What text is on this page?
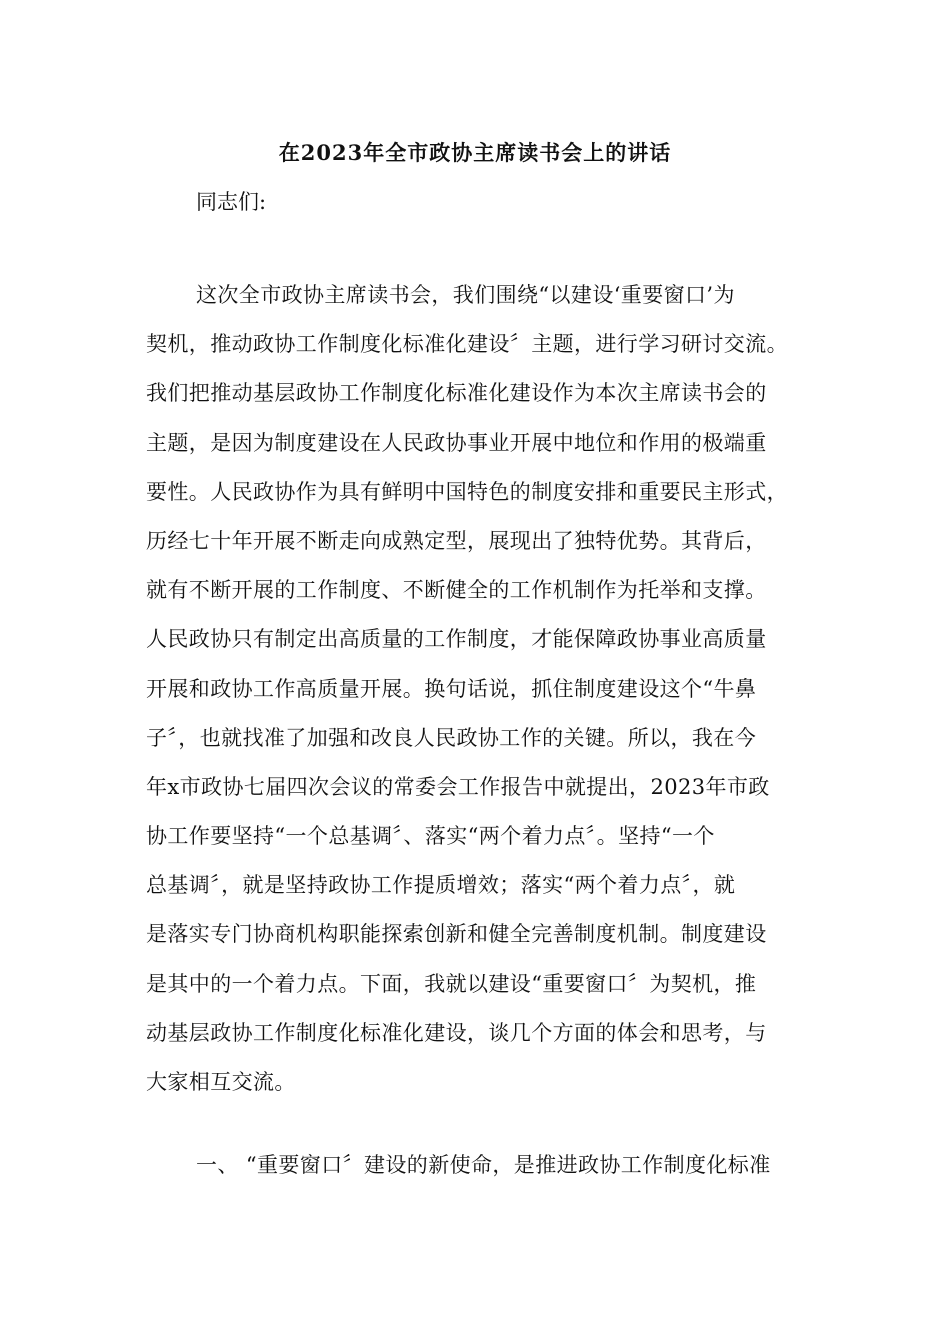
在2023年全市政协主席读书会上的讲话
同志们:
这次全市政协主席读书会，我们围绕“以建设‘重要窗口’为
契机，推动政协工作制度化标准化建设〞主题，进行学习研讨交流。
我们把推动基层政协工作制度化标准化建设作为本次主席读书会的
主题，是因为制度建设在人民政协事业开展中地位和作用的极端重
要性。人民政协作为具有鲜明中国特色的制度安排和重要民主形式，
历经七十年开展不断走向成熟定型，展现出了独特优势。其背后，
就有不断开展的工作制度、不断健全的工作机制作为托举和支撑。
人民政协只有制定出高质量的工作制度，才能保障政协事业高质量
开展和政协工作高质量开展。换句话说，抓住制度建设这个“牛鼻
子〞，也就找准了加强和改良人民政协工作的关键。所以，我在今
年x市政协七届四次会议的常委会工作报告中就提出，2023年市政
协工作要坚持“一个总基调〞、落实“两个着力点〞。坚持“一个
总基调〞，就是坚持政协工作提质增效；落实“两个着力点〞，就
是落实专门协商机构职能探索创新和健全完善制度机制。制度建设
是其中的一个着力点。下面，我就以建设“重要窗口〞为契机，推
动基层政协工作制度化标准化建设，谈几个方面的体会和思考，与
大家相互交流。
一、 “重要窗口〞建设的新使命，是推进政协工作制度化标准
